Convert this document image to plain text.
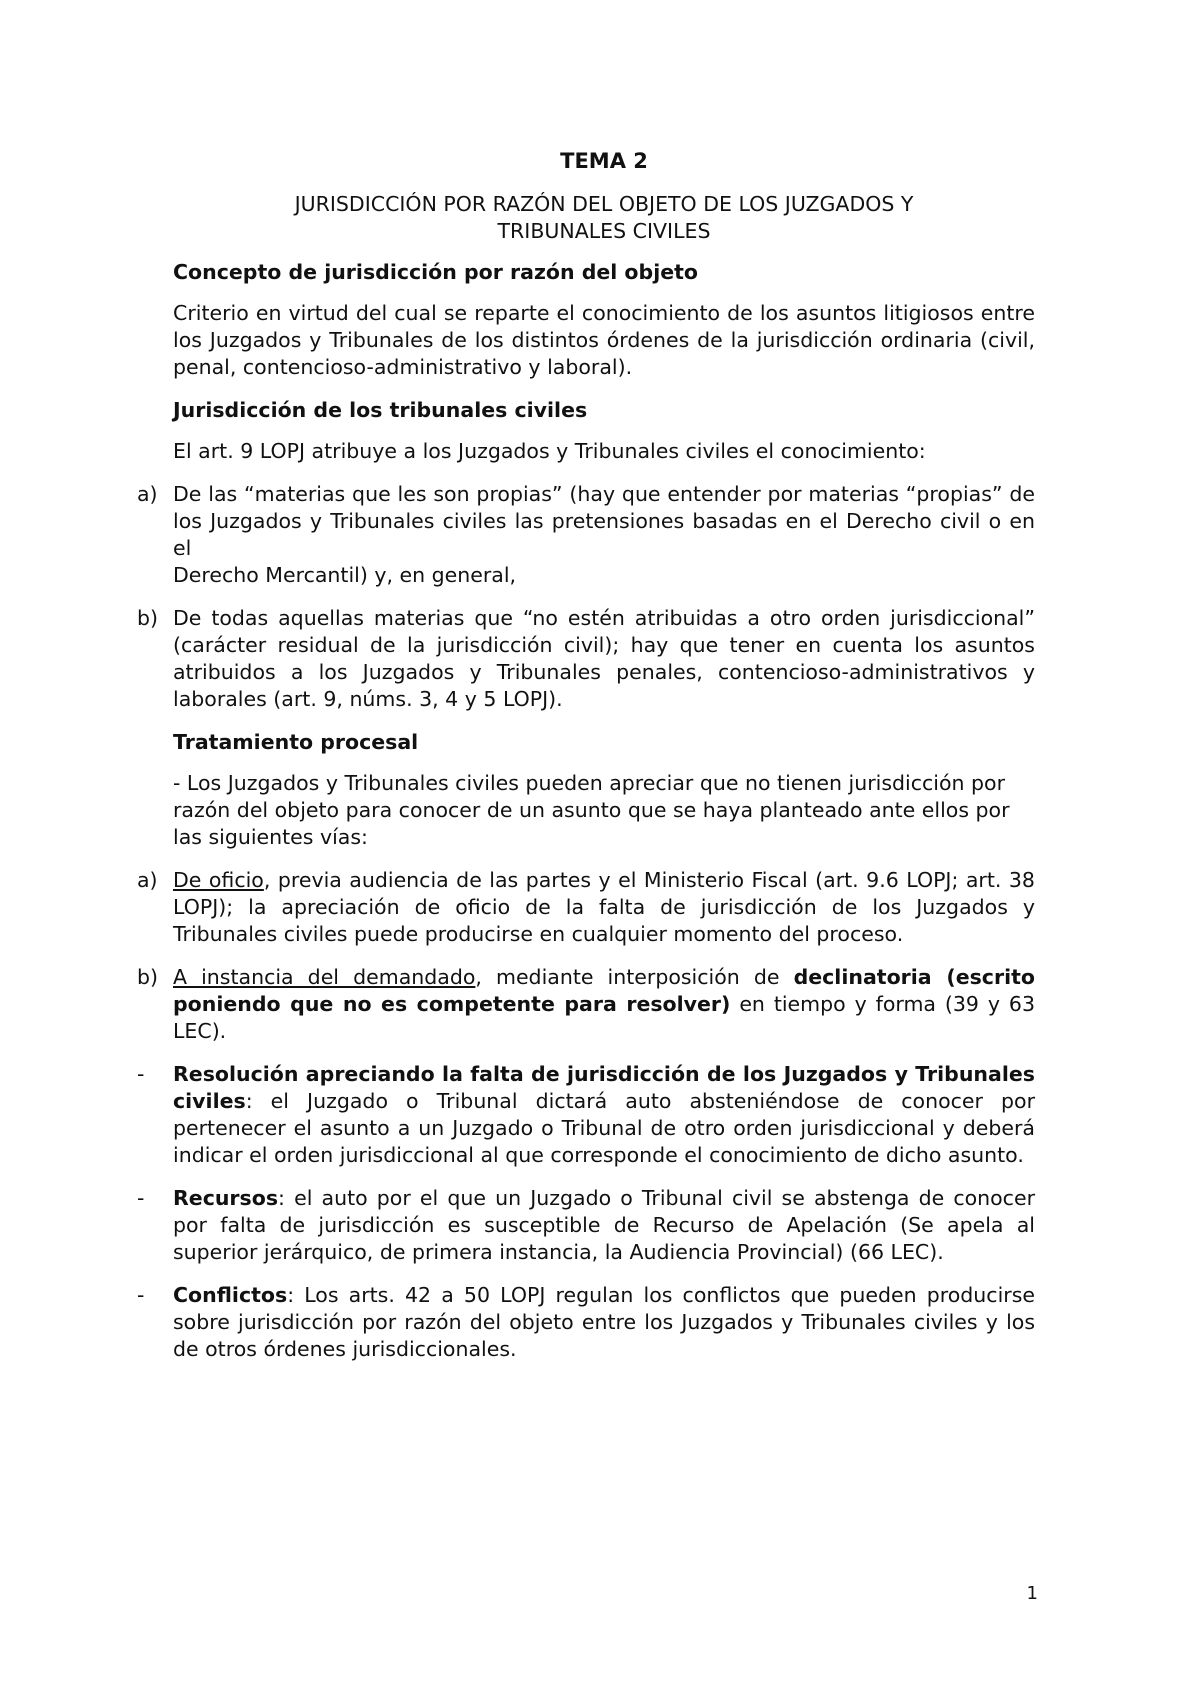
TEMA 2
JURISDICCIÓN POR RAZÓN DEL OBJETO DE LOS JUZGADOS Y
TRIBUNALES CIVILES
Concepto de jurisdicción por razón del objeto
Criterio en virtud del cual se reparte el conocimiento de los asuntos litigiosos entre los Juzgados y Tribunales de los distintos órdenes de la jurisdicción ordinaria (civil, penal, contencioso-administrativo y laboral).
Jurisdicción de los tribunales civiles
El art. 9 LOPJ atribuye a los Juzgados y Tribunales civiles el conocimiento:
a) De las “materias que les son propias” (hay que entender por materias “propias” de los Juzgados y Tribunales civiles las pretensiones basadas en el Derecho civil o en el
Derecho Mercantil) y, en general,
b) De todas aquellas materias que “no estén atribuidas a otro orden jurisdiccional” (carácter residual de la jurisdicción civil); hay que tener en cuenta los asuntos atribuidos a los Juzgados y Tribunales penales, contencioso-administrativos y laborales (art. 9, núms. 3, 4 y 5 LOPJ).
Tratamiento procesal
- Los Juzgados y Tribunales civiles pueden apreciar que no tienen jurisdicción por razón del objeto para conocer de un asunto que se haya planteado ante ellos por las siguientes vías:
a) De oficio, previa audiencia de las partes y el Ministerio Fiscal (art. 9.6 LOPJ; art. 38 LOPJ); la apreciación de oficio de la falta de jurisdicción de los Juzgados y Tribunales civiles puede producirse en cualquier momento del proceso.
b) A instancia del demandado, mediante interposición de declinatoria (escrito poniendo que no es competente para resolver) en tiempo y forma (39 y 63 LEC).
- Resolución apreciando la falta de jurisdicción de los Juzgados y Tribunales civiles: el Juzgado o Tribunal dictará auto absteniéndose de conocer por pertenecer el asunto a un Juzgado o Tribunal de otro orden jurisdiccional y deberá indicar el orden jurisdiccional al que corresponde el conocimiento de dicho asunto.
- Recursos: el auto por el que un Juzgado o Tribunal civil se abstenga de conocer por falta de jurisdicción es susceptible de Recurso de Apelación (Se apela al superior jerárquico, de primera instancia, la Audiencia Provincial) (66 LEC).
- Conflictos: Los arts. 42 a 50 LOPJ regulan los conflictos que pueden producirse sobre jurisdicción por razón del objeto entre los Juzgados y Tribunales civiles y los de otros órdenes jurisdiccionales.
1
